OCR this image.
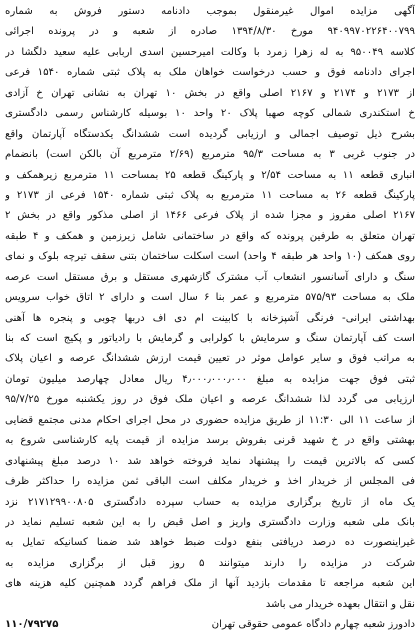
آگهی مزایده اموال غیرمنقول بموجب دادنامه دستور فروش به شماره
۹۴۰۹۹۷۰۲۲۶۴۰۰۷۹۹ مورخ ۱۳۹۴/۸/۳۰ صادره از شعبه و در پرونده اجرائی
کلاسه ۹۵۰۰۴۹ به له زهرا زمرد با وکالت امیرحسین اسدی اربابی علیه سعید دلگشا در
اجرای دادنامه فوق و حسب درخواست خواهان ملک به پلاک ثبتی شماره ۱۵۴۰ فرعی
از ۲۱۷۳ و ۲۱۷۴ و ۲۱۶۷ اصلی واقع در بخش ۱۰ تهران به نشانی تهران خ آزادی
خ استکندری شمالی کوچه صهبا پلاک ۲۰ واحد ۱۰ بوسیله کارشناس رسمی دادگستری
بشرح ذیل توصیف اجمالی و ارزیابی گردیده است ششدانگ یکدستگاه آپارتمان واقع
در جنوب غربی ۳ به مساحت ۹۵/۳ مترمربع (۲/۶۹ مترمربع آن بالکن است) بانضمام
انباری قطعه ۱۱ به مساحت ۲/۵۴ و پارکینگ قطعه ۲۵ بمساحت ۱۱ مترمربع زیرهمکف و
پارکینگ قطعه ۲۶ به مساحت ۱۱ مترمربع به پلاک ثبتی شماره ۱۵۴۰ فرعی از ۲۱۷۳ و
۲۱۶۷ اصلی مفروز و مجزا شده از پلاک فرعی ۱۴۶۶ از اصلی مذکور واقع در بخش ۲
تهران متعلق به طرفین پرونده که واقع در ساختمانی شامل زیرزمین و همکف و ۴ طبقه
روی همکف (۱۰ واحد هر طبقه ۴ واحد) است اسکلت ساختمان بتنی سقف تیرچه بلوک و نمای
سنگ و دارای آسانسور انشعاب آب مشترک گازشهری مستقل و برق مستقل است عرصه
ملک به مساحت ۵۷۵/۹۳ مترمربع و عمر بنا ۶ سال است و دارای ۲ اتاق خواب سرویس
بهداشتی ایرانی- فرنگی آشپزخانه با کابینت ام دی اف دربها چوبی و پنجره ها آهنی
است کف آپارتمان سنگ و سرمایش با کولرابی و گرمایش با رادیاتور و پکیج است که بنا
به مراتب فوق و سایر عوامل موثر در تعیین قیمت ارزش ششدانگ عرصه و اعیان پلاک
ثبتی فوق جهت مزایده به مبلغ ۴٫۰۰۰٫۰۰۰٫۰۰۰ ریال معادل چهارصد میلیون تومان
ارزیابی می گردد لذا ششدانگ عرصه و اعیان ملک فوق در روز یکشنبه مورخ ۹۵/۷/۲۵
از ساعت ۱۱ الی ۱۱:۳۰ از طریق مزایده حضوری در محل اجرای احکام مدنی مجتمع قضایی
بهشتی واقع در خ شهید قرنی بفروش برسد مزایده از قیمت پایه کارشناسی شروع به
کسی که بالاترین قیمت را پیشنهاد نماید فروخته خواهد شد ۱۰ درصد مبلغ پیشنهادی
فی المجلس از خریدار اخذ و خریدار مکلف است الباقی ثمن مزایده را حداکثر ظرف
یک ماه از تاریخ برگزاری مزایده به حساب سپرده دادگستری ۲۱۷۱۲۹۹۰۰۸۰۵ نزد
بانک ملی شعبه وزارت دادگستری واریز و اصل قبض را به این شعبه تسلیم نماید در
غیراینصورت ده درصد دریافتی بنفع دولت ضبط خواهد شد ضمنا کسانیکه تمایل به
شرکت در مزایده را دارند میتوانند ۵ روز قبل از برگزاری مزایده به
این شعبه مراجعه تا مقدمات بازدید آنها از ملک فراهم گردد همچنین کلیه هزینه های
نقل و انتقال بعهده خریدار می باشد
دادورز شعبه چهارم دادگاه عمومی حقوقی تهران
۱۱۰/۷۹۲۷۵
